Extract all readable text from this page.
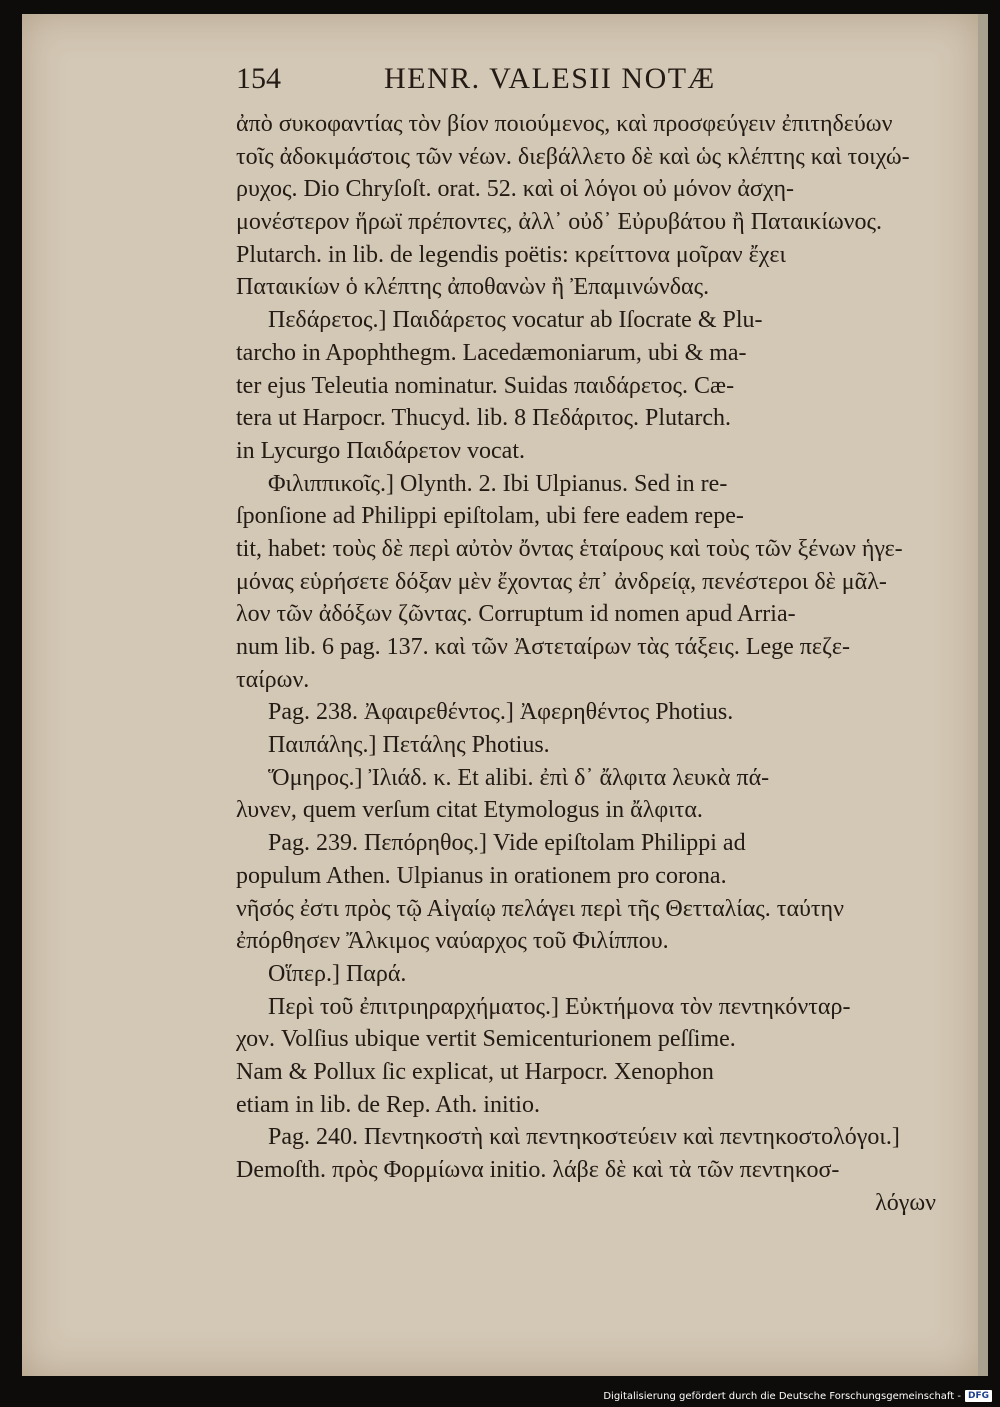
154	HENR. VALESII NOTÆ
ἀπὸ συκοφαντίας τὸν βίον ποιούμενος, καὶ προσφεύγειν ἐπιτηδεύων
τοῖς ἀδοκιμάστοις τῶν νέων. διεβάλλετο δὲ καὶ ὡς κλέπτης καὶ τοιχώ-
ρυχος. Dio Chryſoſt. orat. 52. καὶ οἱ λόγοι οὐ μόνον ἀσχη-
μονέστερον ἥρωϊ πρέποντες, ἀλλ᾽ οὐδ᾽ Εὐρυβάτου ἢ Παταικίωνος.
Plutarch. in lib. de legendis poëtis: κρείττονα μοῖραν ἔχει
Παταικίων ὁ κλέπτης ἀποθανὼν ἢ Ἐπαμινώνδας.
Πεδάρετος.] Παιδάρετος vocatur ab Iſocrate & Plu-
tarcho in Apophthegm. Lacedæmoniarum, ubi & ma-
ter ejus Teleutia nominatur. Suidas παιδάρετος. Cæ-
tera ut Harpocr. Thucyd. lib. 8 Πεδάριτος. Plutarch.
in Lycurgo Παιδάρετον vocat.
Φιλιππικοῖς.] Olynth. 2. Ibi Ulpianus. Sed in re-
ſponſione ad Philippi epiſtolam, ubi fere eadem repe-
tit, habet: τοὺς δὲ περὶ αὐτὸν ὄντας ἑταίρους καὶ τοὺς τῶν ξένων ἡγε-
μόνας εὑρήσετε δόξαν μὲν ἔχοντας ἐπ᾽ ἀνδρείᾳ, πενέστεροι δὲ μᾶλ-
λον τῶν ἀδόξων ζῶντας. Corruptum id nomen apud Arria-
num lib. 6 pag. 137. καὶ τῶν Ἀστεταίρων τὰς τάξεις. Lege πεζε-
ταίρων.
Pag. 238. Ἀφαιρεθέντος.] Ἀφερηθέντος Photius.
Παιπάλης.] Πετάλης Photius.
Ὅμηρος.] Ἰλιάδ. κ. Et alibi. ἐπὶ δ᾽ ἄλφιτα λευκὰ πά-
λυνεν, quem verſum citat Etymologus in ἄλφιτα.
Pag. 239. Πεπόρηθος.] Vide epiſtolam Philippi ad
populum Athen. Ulpianus in orationem pro corona.
νῆσός ἐστι πρὸς τῷ Αἰγαίῳ πελάγει περὶ τῆς Θετταλίας. ταύτην
ἐπόρθησεν Ἄλκιμος ναύαρχος τοῦ Φιλίππου.
Οἵπερ.] Παρά.
Περὶ τοῦ ἐπιτριηραρχήματος.] Εὐκτήμονα τὸν πεντηκόνταρ-
χον. Volſius ubique vertit Semicenturionem peſſime.
Nam & Pollux ſic explicat, ut Harpocr. Xenophon
etiam in lib. de Rep. Ath. initio.
Pag. 240. Πεντηκοστὴ καὶ πεντηκοστεύειν καὶ πεντηκοστολόγοι.]
Demoſth. πρὸς Φορμίωνα initio. λάβε δὲ καὶ τὰ τῶν πεντηκοσ-
λόγων
Digitalisierung gefördert durch die Deutsche Forschungsgemeinschaft - DFG
